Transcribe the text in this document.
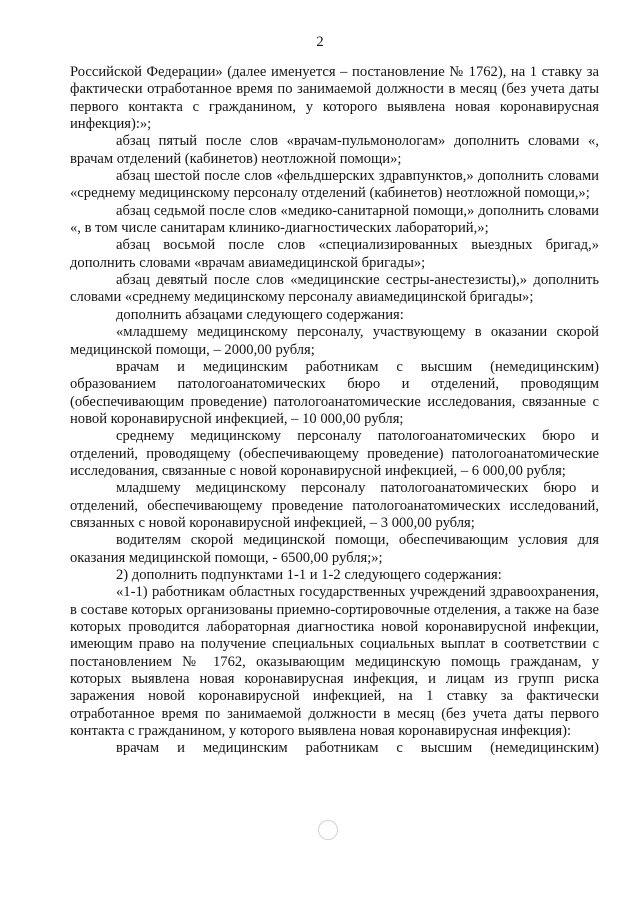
2

Российской Федерации» (далее именуется – постановление № 1762), на 1 ставку за фактически отработанное время по занимаемой должности в месяц (без учета даты первого контакта с гражданином, у которого выявлена новая коронавирусная инфекция):»;

абзац пятый после слов «врачам-пульмонологам» дополнить словами «, врачам отделений (кабинетов) неотложной помощи»;

абзац шестой после слов «фельдшерских здравпунктов,» дополнить словами «среднему медицинскому персоналу отделений (кабинетов) неотложной помощи,»;

абзац седьмой после слов «медико-санитарной помощи,» дополнить словами «, в том числе санитарам клинико-диагностических лабораторий,»;

абзац восьмой после слов «специализированных выездных бригад,» дополнить словами «врачам авиамедицинской бригады»;

абзац девятый после слов «медицинские сестры-анестезисты),» дополнить словами «среднему медицинскому персоналу авиамедицинской бригады»;

дополнить абзацами следующего содержания:

«младшему медицинскому персоналу, участвующему в оказании скорой медицинской помощи, – 2000,00 рубля;

врачам и медицинским работникам с высшим (немедицинским) образованием патологоанатомических бюро и отделений, проводящим (обеспечивающим проведение) патологоанатомические исследования, связанные с новой коронавирусной инфекцией, – 10 000,00 рубля;

среднему медицинскому персоналу патологоанатомических бюро и отделений, проводящему (обеспечивающему проведение) патологоанатомические исследования, связанные с новой коронавирусной инфекцией, – 6 000,00 рубля;

младшему медицинскому персоналу патологоанатомических бюро и отделений, обеспечивающему проведение патологоанатомических исследований, связанных с новой коронавирусной инфекцией, – 3 000,00 рубля;

водителям скорой медицинской помощи, обеспечивающим условия для оказания медицинской помощи, - 6500,00 рубля;»;

2) дополнить подпунктами 1-1 и 1-2 следующего содержания:

«1-1) работникам областных государственных учреждений здравоохранения, в составе которых организованы приемно-сортировочные отделения, а также на базе которых проводится лабораторная диагностика новой коронавирусной инфекции, имеющим право на получение специальных социальных выплат в соответствии с постановлением № 1762, оказывающим медицинскую помощь гражданам, у которых выявлена новая коронавирусная инфекция, и лицам из групп риска заражения новой коронавирусной инфекцией, на 1 ставку за фактически отработанное время по занимаемой должности в месяц (без учета даты первого контакта с гражданином, у которого выявлена новая коронавирусная инфекция):

врачам и медицинским работникам с высшим (немедицинским)
